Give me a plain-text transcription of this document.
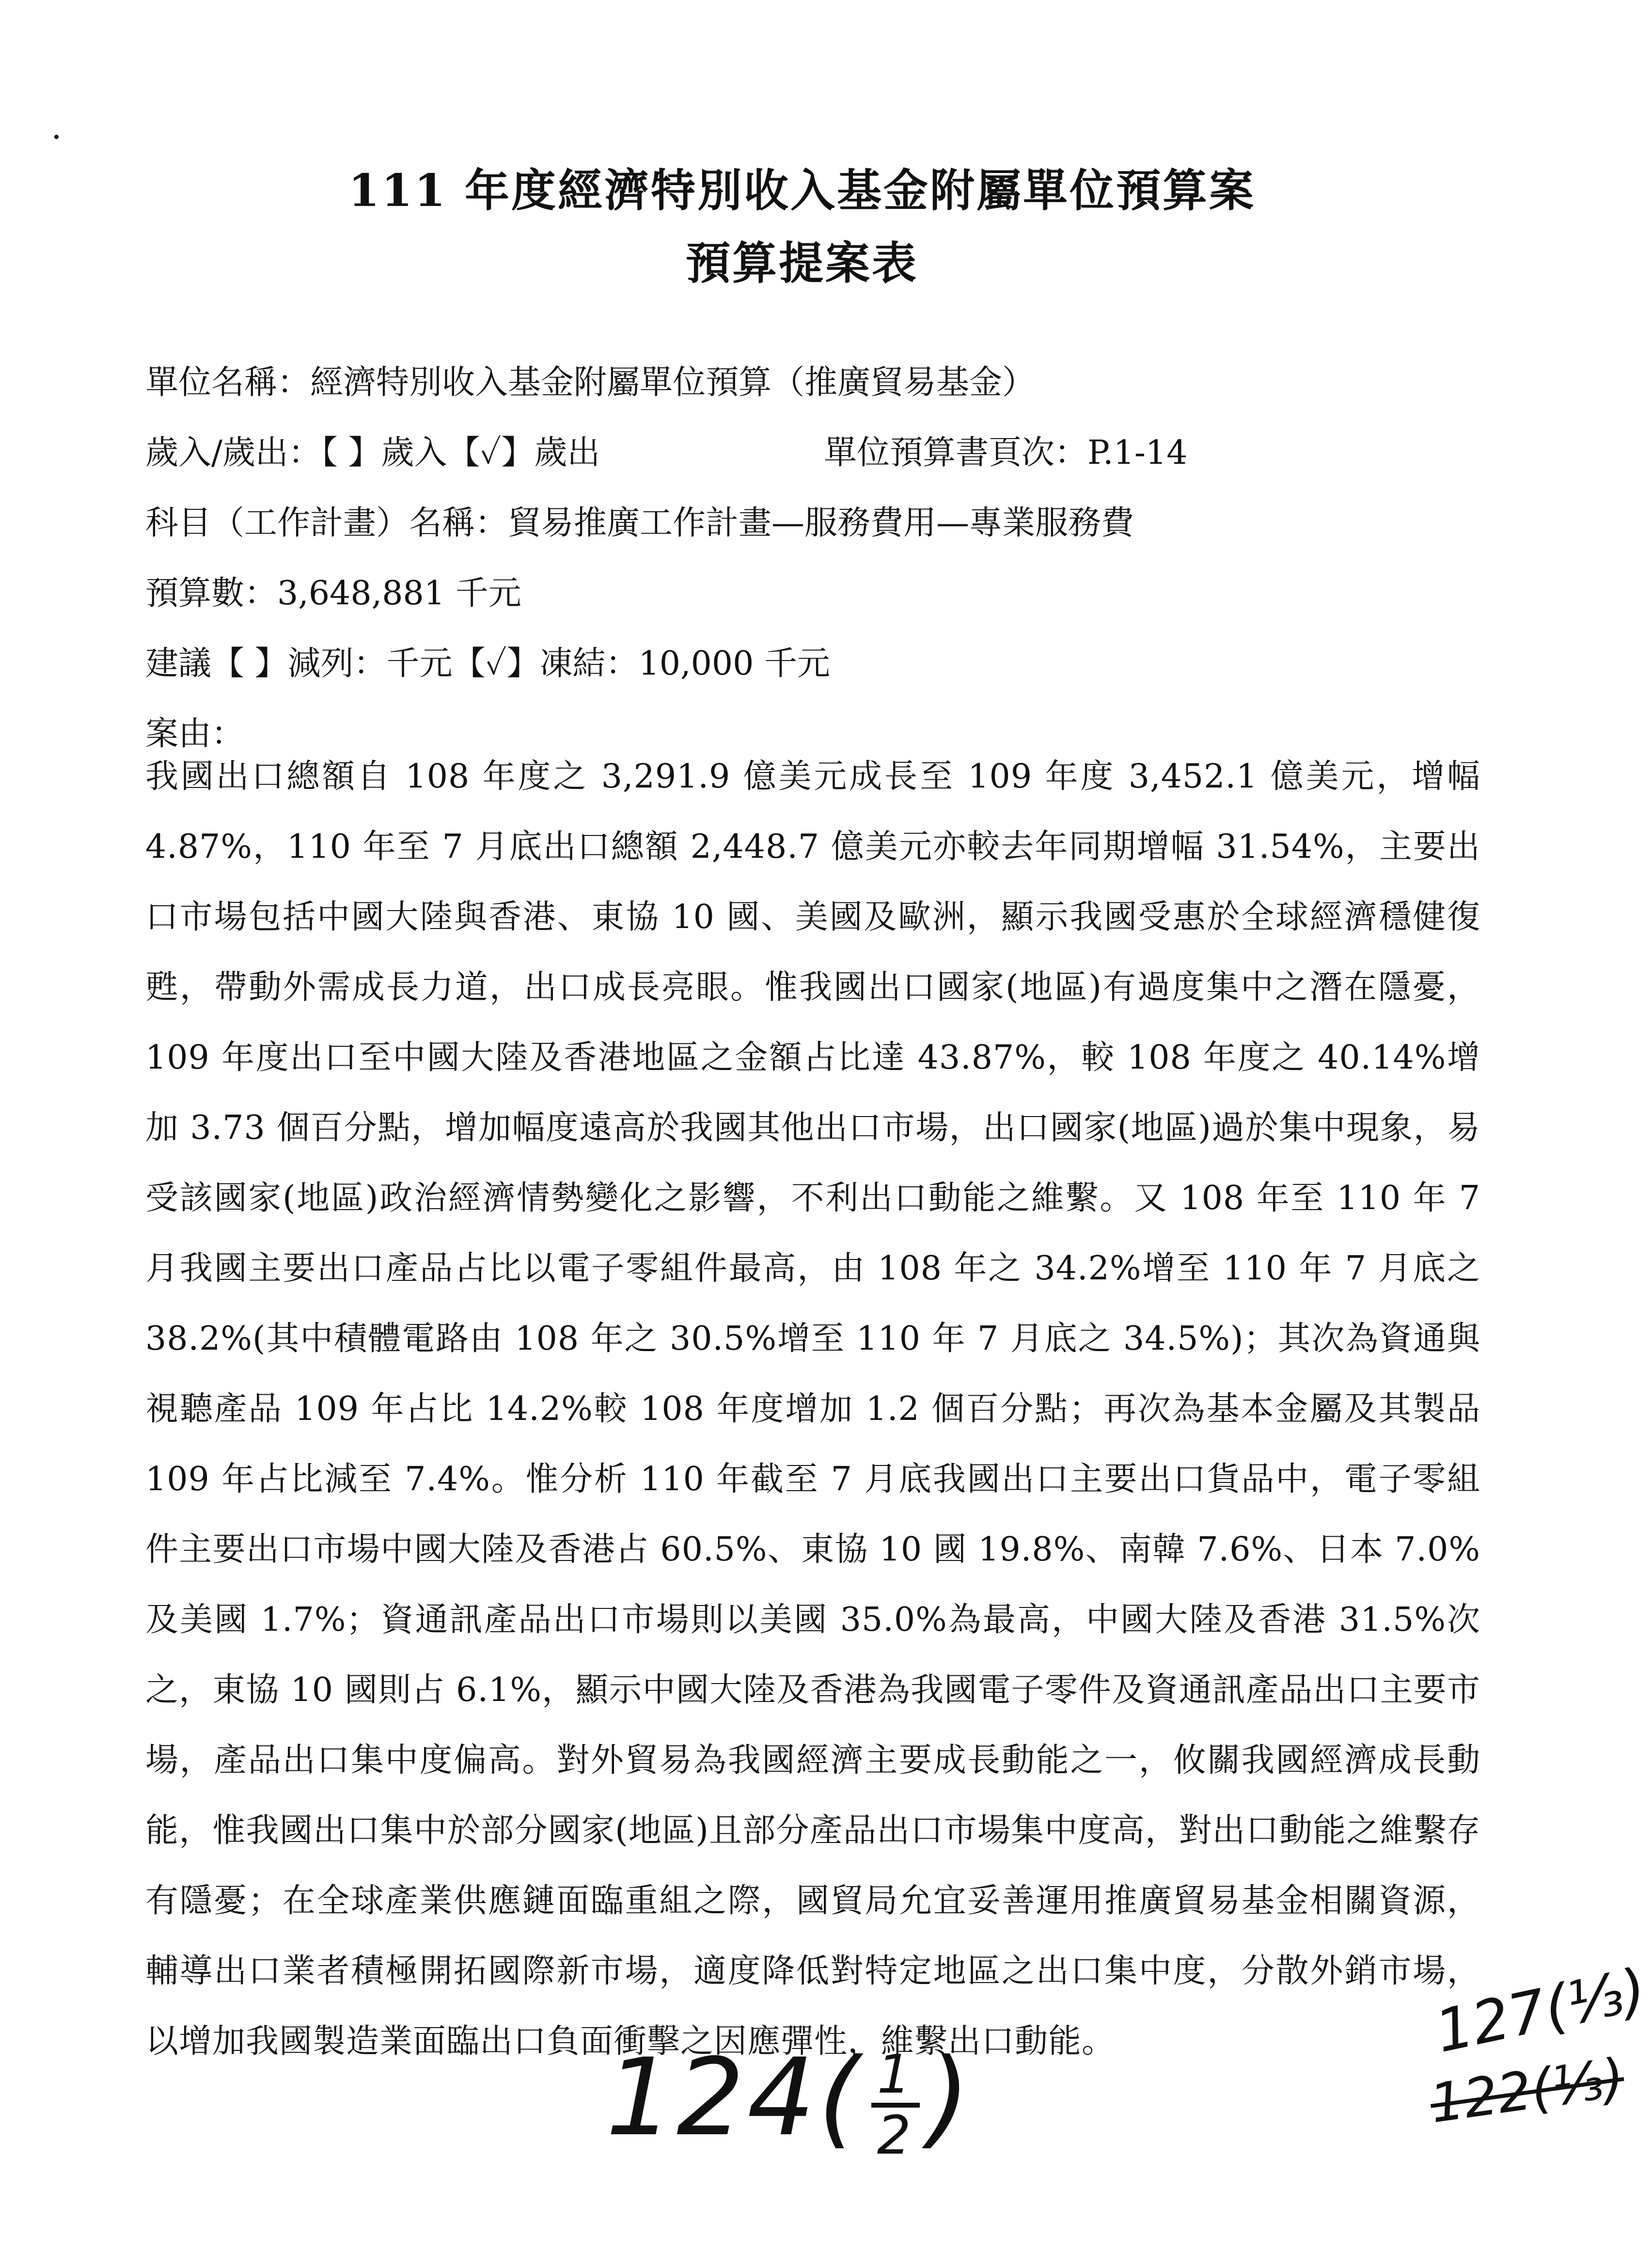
111 年度經濟特別收入基金附屬單位預算案
預算提案表
單位名稱：經濟特別收入基金附屬單位預算（推廣貿易基金）
歲入/歲出：【 】歲入【✓】歲出	單位預算書頁次：P.1-14
科目（工作計畫）名稱：貿易推廣工作計畫—服務費用—專業服務費
預算數：3,648,881 千元
建議【 】減列：千元【✓】凍結：10,000 千元
案由：
我國出口總額自 108 年度之 3,291.9 億美元成長至 109 年度 3,452.1 億美元，增幅 4.87%，110 年至 7 月底出口總額 2,448.7 億美元亦較去年同期增幅 31.54%，主要出口市場包括中國大陸與香港、東協 10 國、美國及歐洲，顯示我國受惠於全球經濟穩健復甦，帶動外需成長力道，出口成長亮眼。惟我國出口國家(地區)有過度集中之潛在隱憂，109 年度出口至中國大陸及香港地區之金額占比達 43.87%，較 108 年度之 40.14%增加 3.73 個百分點，增加幅度遠高於我國其他出口市場，出口國家(地區)過於集中現象，易受該國家(地區)政治經濟情勢變化之影響，不利出口動能之維繫。又 108 年至 110 年 7 月我國主要出口產品占比以電子零組件最高，由 108 年之 34.2%增至 110 年 7 月底之 38.2%(其中積體電路由 108 年之 30.5%增至 110 年 7 月底之 34.5%)；其次為資通與視聽產品 109 年占比 14.2%較 108 年度增加 1.2 個百分點；再次為基本金屬及其製品 109 年占比減至 7.4%。惟分析 110 年截至 7 月底我國出口主要出口貨品中，電子零組件主要出口市場中國大陸及香港占 60.5%、東協 10 國 19.8%、南韓 7.6%、日本 7.0%及美國 1.7%；資通訊產品出口市場則以美國 35.0%為最高，中國大陸及香港 31.5%次之，東協 10 國則占 6.1%，顯示中國大陸及香港為我國電子零件及資通訊產品出口主要市場，產品出口集中度偏高。對外貿易為我國經濟主要成長動能之一，攸關我國經濟成長動能，惟我國出口集中於部分國家(地區)且部分產品出口市場集中度高，對出口動能之維繫存有隱憂；在全球產業供應鏈面臨重組之際，國貿局允宜妥善運用推廣貿易基金相關資源，輔導出口業者積極開拓國際新市場，適度降低對特定地區之出口集中度，分散外銷市場，以增加我國製造業面臨出口負面衝擊之因應彈性，維繫出口動能。
$124( \frac{1}{2}$ )
127(⅓)
122(⅓)
